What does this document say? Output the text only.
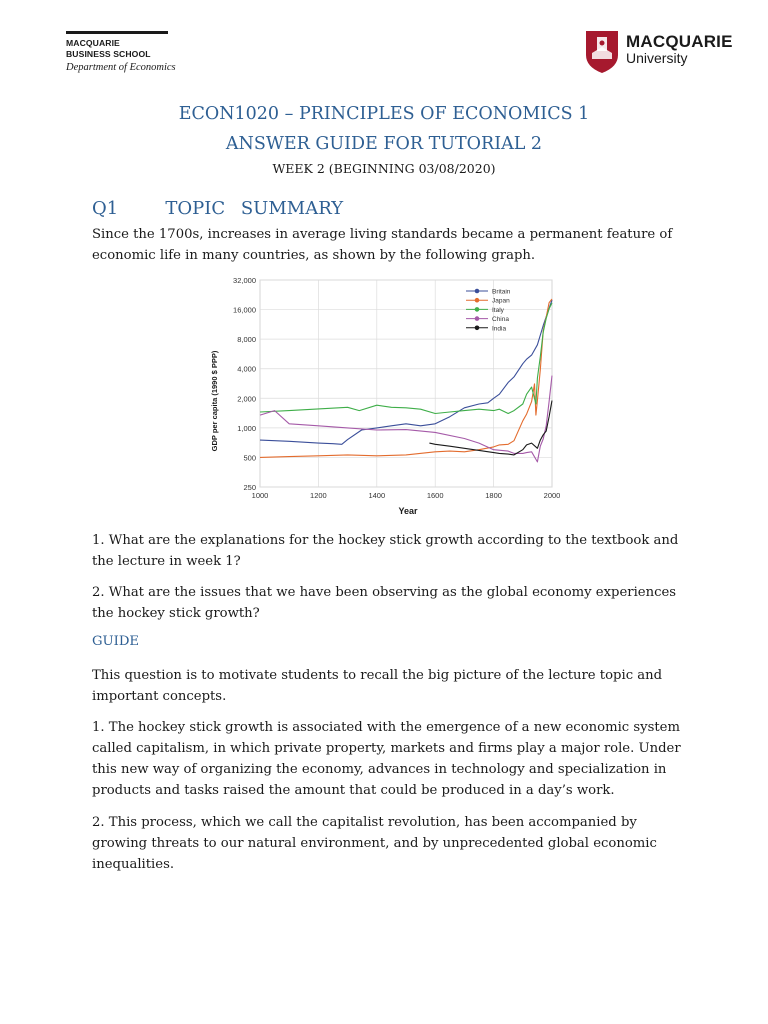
MACQUARIE
BUSINESS SCHOOL
Department of Economics
MACQUARIE
University
ECON1020 – PRINCIPLES OF ECONOMICS 1
ANSWER GUIDE FOR TUTORIAL 2
WEEK 2 (BEGINNING 03/08/2020)
Q1   TOPIC SUMMARY
Since the 1700s, increases in average living standards became a permanent feature of economic life in many countries, as shown by the following graph.
250
500
1,000
2,000
4,000
8,000
16,000
32,000
1000	1200	1400	1600	1800	2000
Britain
Japan
Italy
China
India
Year
GDP per capita (1990 $ PPP)
1. What are the explanations for the hockey stick growth according to the textbook and the lecture in week 1?
2. What are the issues that we have been observing as the global economy experiences the hockey stick growth?
GUIDE
This question is to motivate students to recall the big picture of the lecture topic and important concepts.
1. The hockey stick growth is associated with the emergence of a new economic system called capitalism, in which private property, markets and firms play a major role. Under this new way of organizing the economy, advances in technology and specialization in products and tasks raised the amount that could be produced in a day’s work.
2. This process, which we call the capitalist revolution, has been accompanied by growing threats to our natural environment, and by unprecedented global economic inequalities.
